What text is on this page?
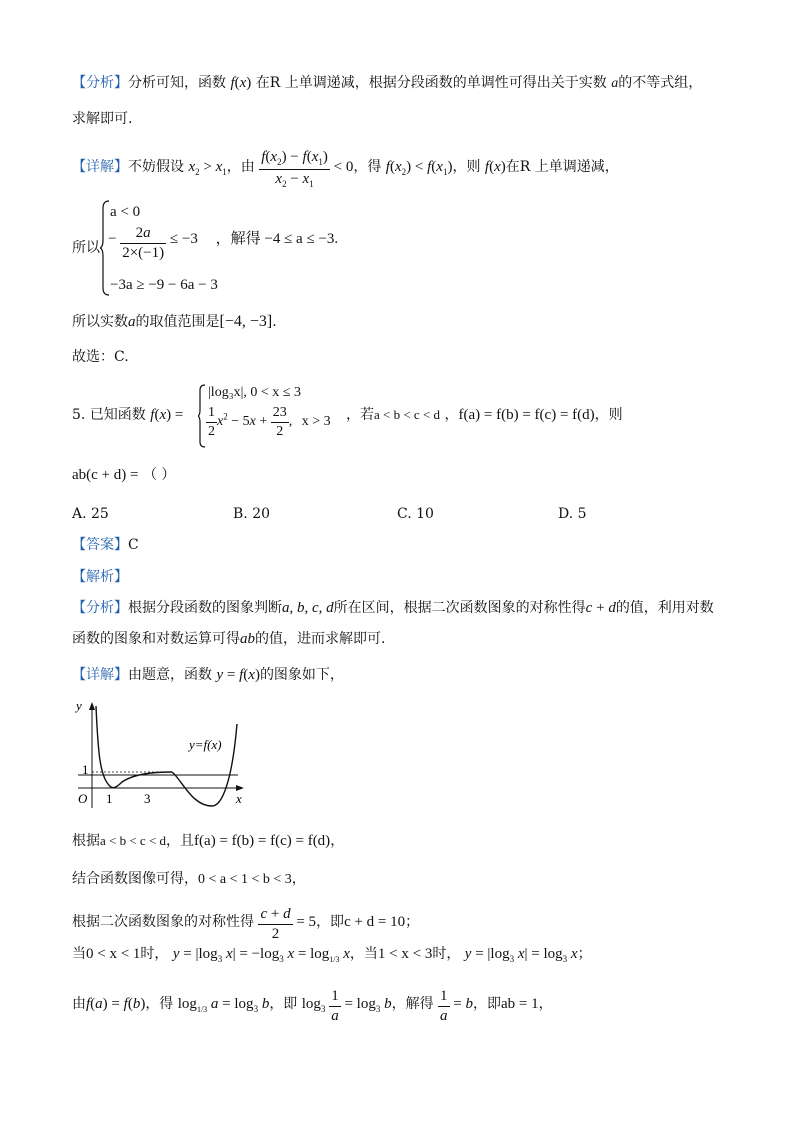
【分析】分析可知，函数 f(x) 在R 上单调递减，根据分段函数的单调性可得出关于实数 a的不等式组，
求解即可.
【详解】不妨假设 $x_2 > x_1$，由 $\frac{f(x_2) - f(x_1)}{x_2 - x_1} < 0$，得 $f(x_2) < f(x_1)$，则 f(x)在R 上单调递减，
所以
a < 0
− $\frac{2a}{2\times(-1)} \le -3$ ，解得 −4 ≤ a ≤ −3.
−3a ≥ −9 − 6a − 3
所以实数a的取值范围是[−4, −3].
故选：C.
5. 已知函数 f(x) =
|log₃x|, 0 < x ≤ 3
$\frac{1}{2} x^2 - 5x + \frac{23}{2}$ , x > 3 ，若a < b < c < d ，f(a) = f(b) = f(c) = f(d)，则
ab(c + d) = （ ）
A. 25	B. 20	C. 10	D. 5
【答案】C
【解析】
【分析】根据分段函数的图象判断a, b, c, d所在区间，根据二次函数图象的对称性得c + d的值，利用对数
函数的图象和对数运算可得ab的值，进而求解即可.
【详解】由题意，函数 y = f(x)的图象如下，
y
x
O 1 3
1
y=f(x)
根据a < b < c < d，且f(a) = f(b) = f(c) = f(d)，
结合函数图像可得，0 < a < 1 < b < 3，
根据二次函数图象的对称性得 $\frac{c + d}{2} = 5$，即c + d = 10；
当0 < x < 1时， $y = |\log_3$ $x| = -\log_3$ $x = \log_{1/3} x$，当1 < x < 3时， $y = |\log_3$ $x| = \log_3 x$；
由f(a) = f(b)，得 $\log_{1/3} a = \log_3 b$，即 $\log_3 \frac{1}{a} = \log_3 b$，解得 $\frac{1}{a} = b$，即ab = 1，
